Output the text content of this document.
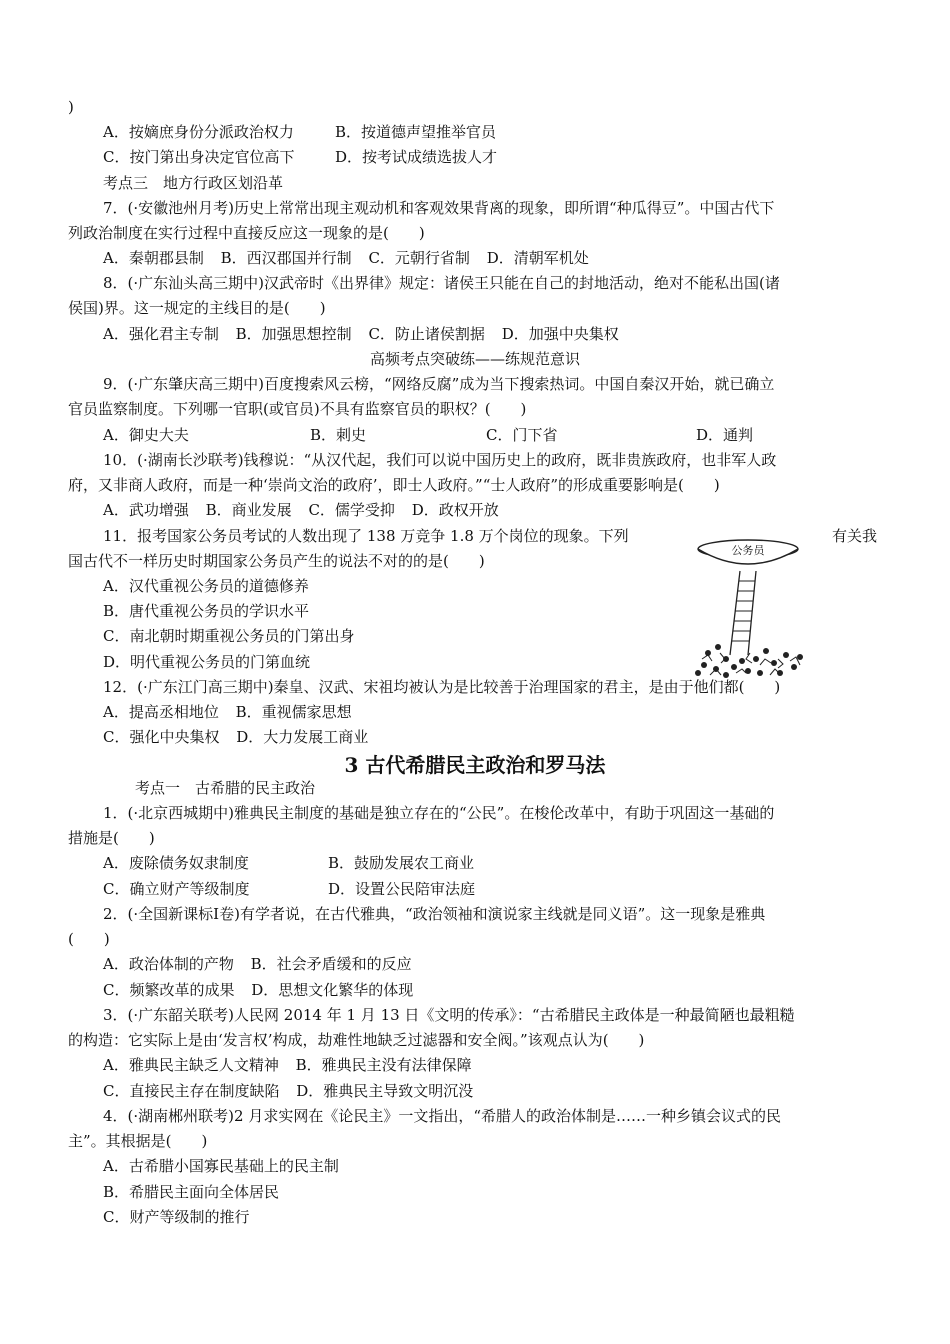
)
A．按嫡庶身份分派政治权力	B．按道德声望推举官员
C．按门第出身决定官位高下	D．按考试成绩选拔人才
考点三　地方行政区划沿革
7．(·安徽池州月考)历史上常常出现主观动机和客观效果背离的现象，即所谓“种瓜得豆”。中国古代下
列政治制度在实行过程中直接反应这一现象的是(　　)
A．秦朝郡县制 B．西汉郡国并行制 C．元朝行省制 D．清朝军机处
8．(·广东汕头高三期中)汉武帝时《出界律》规定：诸侯王只能在自己的封地活动，绝对不能私出国(诸
侯国)界。这一规定的主线目的是(　　)
A．强化君主专制 B．加强思想控制 C．防止诸侯割据 D．加强中央集权
高频考点突破练——练规范意识
9．(·广东肇庆高三期中)百度搜索风云榜，“网络反腐”成为当下搜索热词。中国自秦汉开始，就已确立
官员监察制度。下列哪一官职(或官员)不具有监察官员的职权？(　　)
A．御史大夫	B．刺史	C．门下省	D．通判
10．(·湖南长沙联考)钱穆说：“从汉代起，我们可以说中国历史上的政府，既非贵族政府，也非军人政
府，又非商人政府，而是一种‘崇尚文治的政府’，即士人政府。”“士人政府”的形成重要影响是(　　)
A．武功增强 B．商业发展 C．儒学受抑 D．政权开放
11．报考国家公务员考试的人数出现了 138 万竞争 1.8 万个岗位的现象。下列	有关我
国古代不一样历史时期国家公务员产生的说法不对的的是(　　)
A．汉代重视公务员的道德修养
B．唐代重视公务员的学识水平
C．南北朝时期重视公务员的门第出身
D．明代重视公务员的门第血统
公务员
12．(·广东江门高三期中)秦皇、汉武、宋祖均被认为是比较善于治理国家的君主，是由于他们都(　　)
A．提高丞相地位 B．重视儒家思想
C．强化中央集权 D．大力发展工商业
3 古代希腊民主政治和罗马法
考点一　古希腊的民主政治
1．(·北京西城期中)雅典民主制度的基础是独立存在的“公民”。在梭伦改革中，有助于巩固这一基础的
措施是(　　)
A．废除债务奴隶制度	B．鼓励发展农工商业
C．确立财产等级制度	D．设置公民陪审法庭
2．(·全国新课标Ⅰ卷)有学者说，在古代雅典，“政治领袖和演说家主线就是同义语”。这一现象是雅典
(　　)
A．政治体制的产物 B．社会矛盾缓和的反应
C．频繁改革的成果 D．思想文化繁华的体现
3．(·广东韶关联考)人民网 2014 年 1 月 13 日《文明的传承》：“古希腊民主政体是一种最简陋也最粗糙
的构造：它实际上是由‘发言权’构成，劫难性地缺乏过滤器和安全阀。”该观点认为(　　)
A．雅典民主缺乏人文精神 B．雅典民主没有法律保障
C．直接民主存在制度缺陷 D．雅典民主导致文明沉没
4．(·湖南郴州联考)2 月求实网在《论民主》一文指出，“希腊人的政治体制是……一种乡镇会议式的民
主”。其根据是(　　)
A．古希腊小国寡民基础上的民主制
B．希腊民主面向全体居民
C．财产等级制的推行
